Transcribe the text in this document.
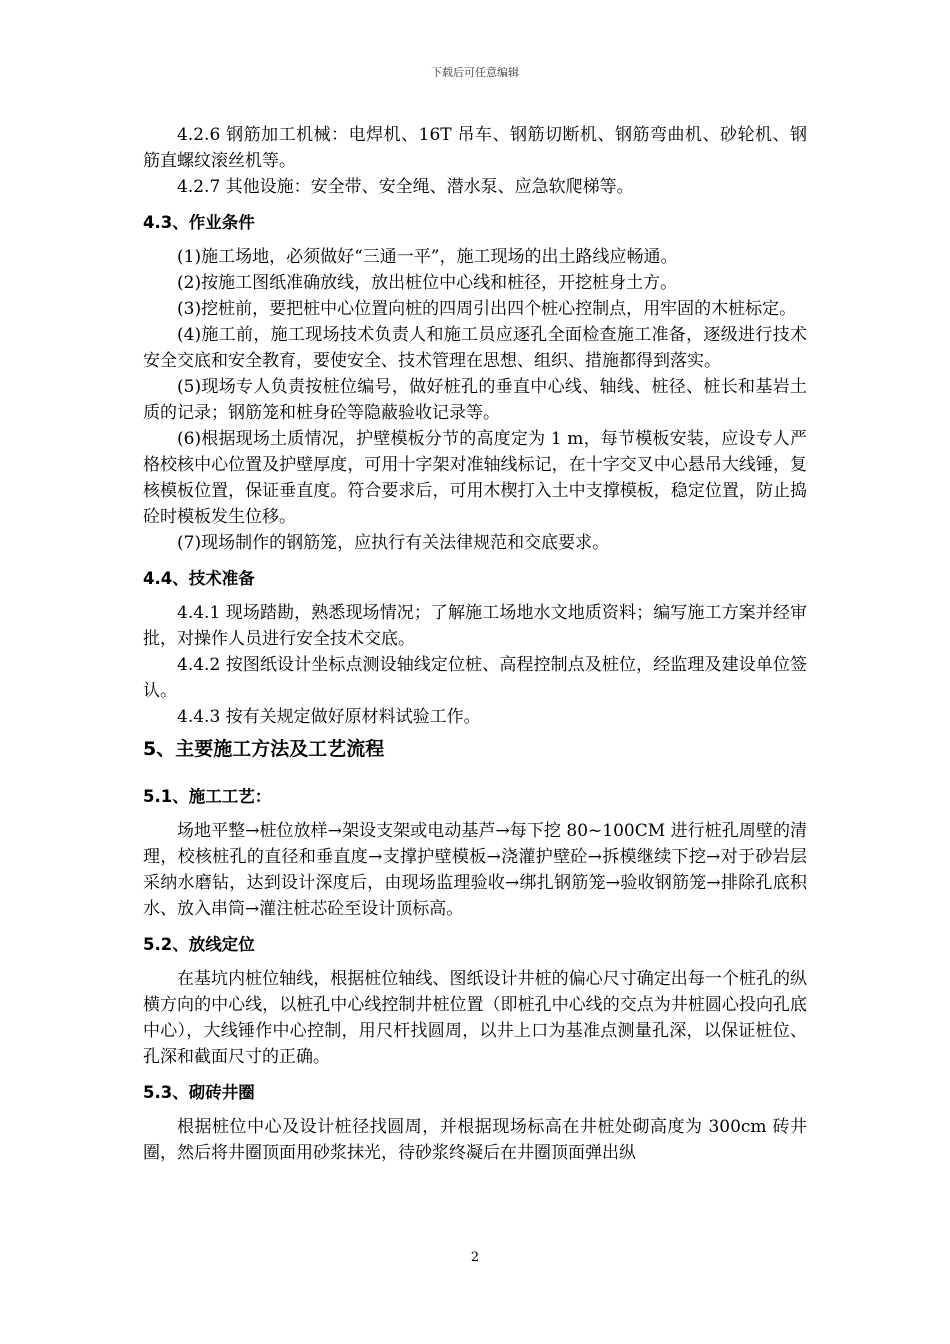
下载后可任意编辑
4.2.6 钢筋加工机械：电焊机、16T 吊车、钢筋切断机、钢筋弯曲机、砂轮机、钢筋直螺纹滚丝机等。
4.2.7 其他设施：安全带、安全绳、潜水泵、应急软爬梯等。
4.3、作业条件
(1)施工场地，必须做好“三通一平”，施工现场的出土路线应畅通。
(2)按施工图纸准确放线，放出桩位中心线和桩径，开挖桩身土方。
(3)挖桩前，要把桩中心位置向桩的四周引出四个桩心控制点，用牢固的木桩标定。
(4)施工前，施工现场技术负责人和施工员应逐孔全面检查施工准备，逐级进行技术安全交底和安全教育，要使安全、技术管理在思想、组织、措施都得到落实。
(5)现场专人负责按桩位编号，做好桩孔的垂直中心线、轴线、桩径、桩长和基岩土质的记录；钢筋笼和桩身砼等隐蔽验收记录等。
(6)根据现场土质情况，护壁模板分节的高度定为 1 m，每节模板安装，应设专人严格校核中心位置及护壁厚度，可用十字架对准轴线标记，在十字交叉中心悬吊大线锤，复核模板位置，保证垂直度。符合要求后，可用木楔打入土中支撑模板，稳定位置，防止捣砼时模板发生位移。
(7)现场制作的钢筋笼，应执行有关法律规范和交底要求。
4.4、技术准备
4.4.1 现场踏勘，熟悉现场情况；了解施工场地水文地质资料；编写施工方案并经审批，对操作人员进行安全技术交底。
4.4.2 按图纸设计坐标点测设轴线定位桩、高程控制点及桩位，经监理及建设单位签认。
4.4.3 按有关规定做好原材料试验工作。
5、主要施工方法及工艺流程
5.1、施工工艺：
场地平整→桩位放样→架设支架或电动基芦→每下挖 80~100CM 进行桩孔周壁的清理，校核桩孔的直径和垂直度→支撑护壁模板→浇灌护壁砼→拆模继续下挖→对于砂岩层采纳水磨钻，达到设计深度后，由现场监理验收→绑扎钢筋笼→验收钢筋笼→排除孔底积水、放入串筒→灌注桩芯砼至设计顶标高。
5.2、放线定位
在基坑内桩位轴线，根据桩位轴线、图纸设计井桩的偏心尺寸确定出每一个桩孔的纵横方向的中心线，以桩孔中心线控制井桩位置（即桩孔中心线的交点为井桩圆心投向孔底中心），大线锤作中心控制，用尺杆找圆周，以井上口为基准点测量孔深，以保证桩位、孔深和截面尺寸的正确。
5.3、砌砖井圈
根据桩位中心及设计桩径找圆周，并根据现场标高在井桩处砌高度为 300cm 砖井圈，然后将井圈顶面用砂浆抹光，待砂浆终凝后在井圈顶面弹出纵
2
